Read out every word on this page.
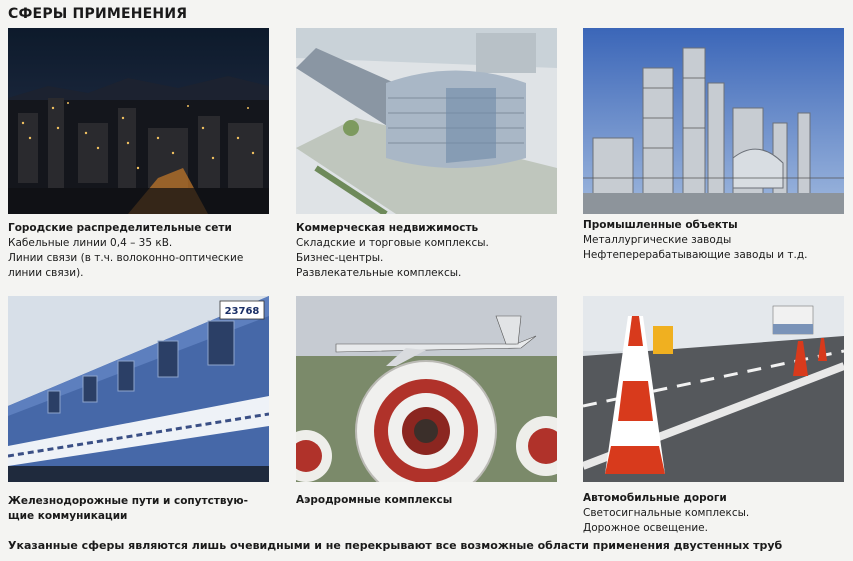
СФЕРЫ ПРИМЕНЕНИЯ
23768
Городские распределительные сети
Кабельные линии 0,4 – 35 кВ.
Линии связи (в т.ч. волоконно-оптические
линии связи).
Коммерческая недвижимость
Складские и торговые комплексы.
Бизнес-центры.
Развлекательные комплексы.
Промышленные объекты
Металлургические заводы
Нефтеперерабатывающие заводы и т.д.
Железнодорожные пути и сопутствую-
щие коммуникации
Аэродромные комплексы	Автомобильные дороги
Светосигнальные комплексы.
Дорожное освещение.
Указанные сферы являются лишь очевидными и не перекрывают все возможные области применения двустенных труб
